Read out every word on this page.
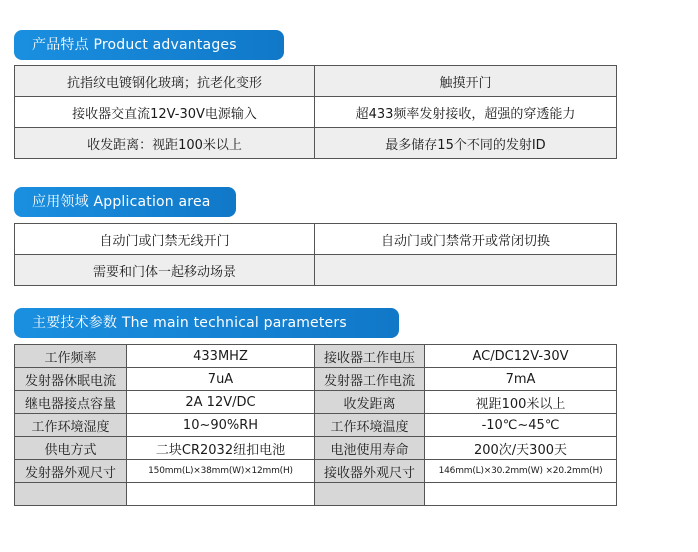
产品特点 Product advantages
抗指纹电镀钢化玻璃；抗老化变形	触摸开门
接收器交直流12V-30V电源输入	超433频率发射接收，超强的穿透能力
收发距离：视距100米以上	最多储存15个不同的发射ID
应用领域 Application area
自动门或门禁无线开门	自动门或门禁常开或常闭切换
需要和门体一起移动场景	
主要技术参数 The main technical parameters
工作频率	433MHZ	接收器工作电压	AC/DC12V-30V
发射器休眠电流	7uA	发射器工作电流	7mA
继电器接点容量	2A 12V/DC	收发距离	视距100米以上
工作环境湿度	10~90%RH	工作环境温度	-10℃~45℃
供电方式	二块CR2032纽扣电池	电池使用寿命	200次/天300天
发射器外观尺寸	150mm(L)×38mm(W)×12mm(H)	接收器外观尺寸	146mm(L)×30.2mm(W) ×20.2mm(H)
